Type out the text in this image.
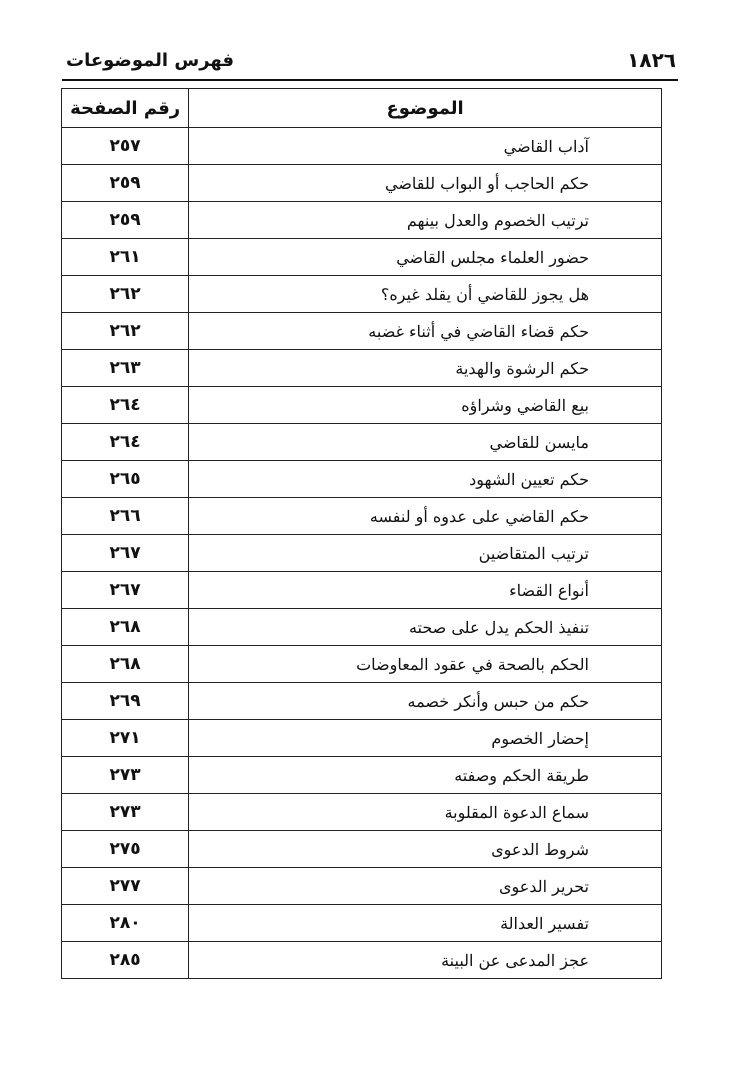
فهرس الموضوعات	١٨٢٦
الموضوع	رقم الصفحة
آداب القاضي	٢٥٧
حكم الحاجب أو البواب للقاضي	٢٥٩
ترتيب الخصوم والعدل بينهم	٢٥٩
حضور العلماء مجلس القاضي	٢٦١
هل يجوز للقاضي أن يقلد غيره؟	٢٦٢
حكم قضاء القاضي في أثناء غضبه	٢٦٢
حكم الرشوة والهدية	٢٦٣
بيع القاضي وشراؤه	٢٦٤
مايسن للقاضي	٢٦٤
حكم تعيين الشهود	٢٦٥
حكم القاضي على عدوه أو لنفسه	٢٦٦
ترتيب المتقاضين	٢٦٧
أنواع القضاء	٢٦٧
تنفيذ الحكم يدل على صحته	٢٦٨
الحكم بالصحة في عقود المعاوضات	٢٦٨
حكم من حبس وأنكر خصمه	٢٦٩
إحضار الخصوم	٢٧١
طريقة الحكم وصفته	٢٧٣
سماع الدعوة المقلوبة	٢٧٣
شروط الدعوى	٢٧٥
تحرير الدعوى	٢٧٧
تفسير العدالة	٢٨٠
عجز المدعى عن البينة	٢٨٥
